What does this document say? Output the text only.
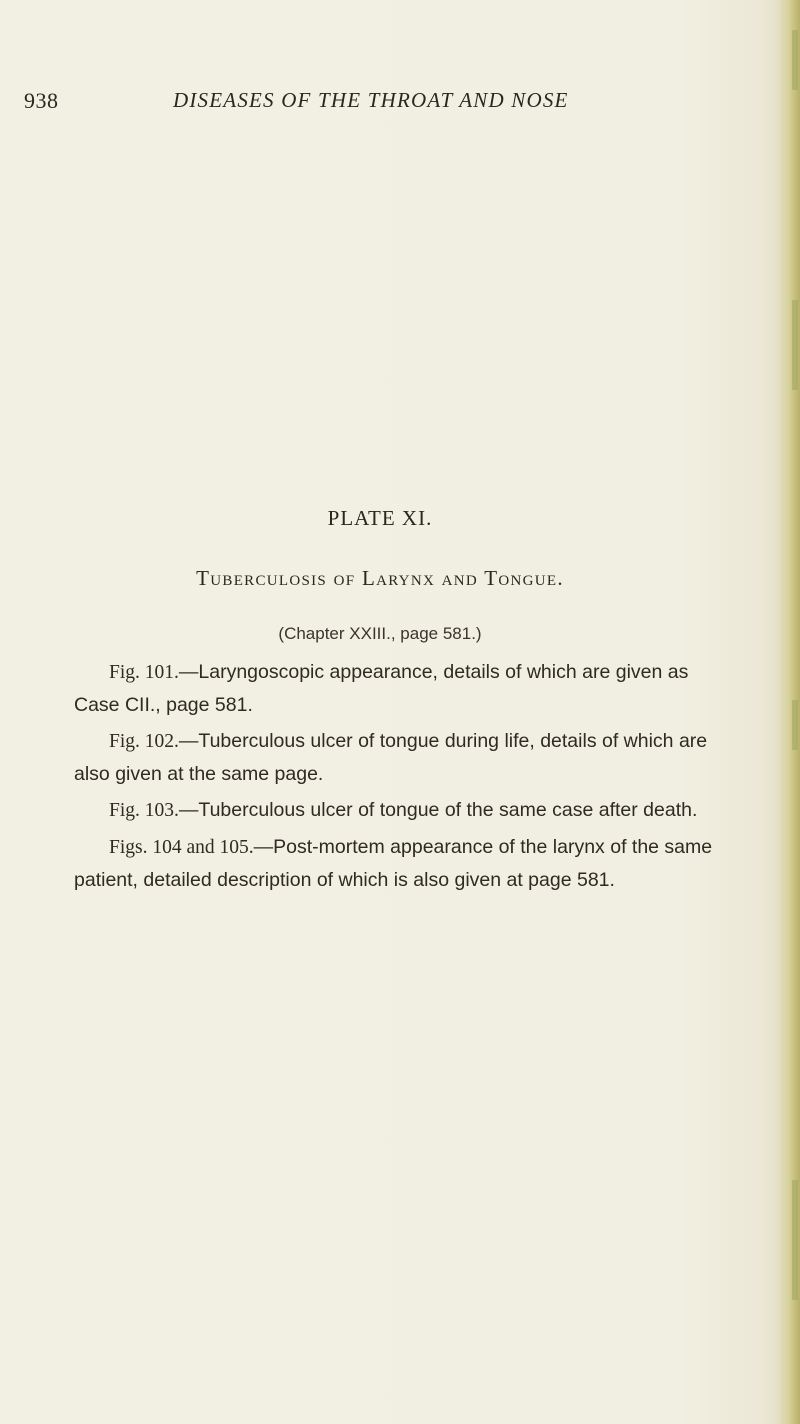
938	DISEASES OF THE THROAT AND NOSE
PLATE XI.
Tuberculosis of Larynx and Tongue.
(Chapter XXIII., page 581.)

Fig. 101.—Laryngoscopic appearance, details of which are given as Case CII., page 581.

Fig. 102.—Tuberculous ulcer of tongue during life, details of which are also given at the same page.

Fig. 103.—Tuberculous ulcer of tongue of the same case after death.

Figs. 104 and 105.—Post-mortem appearance of the larynx of the same patient, detailed description of which is also given at page 581.
